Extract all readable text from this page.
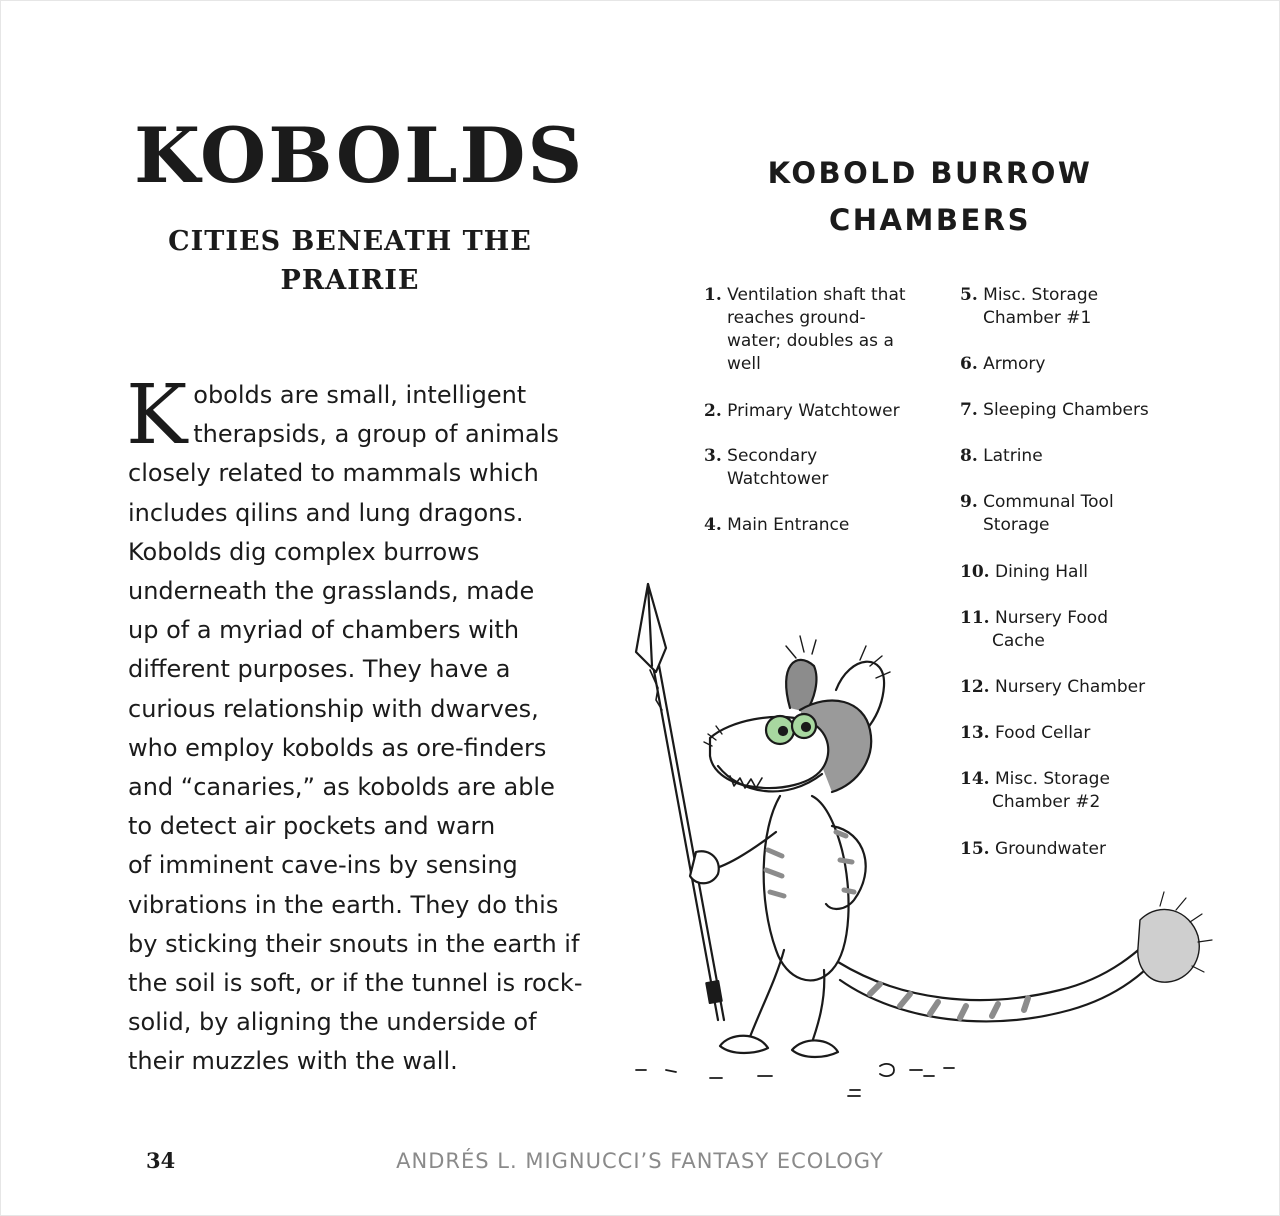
KOBOLDS
CITIES BENEATH THE
PRAIRIE
K obolds are small, intelligent
therapsids, a group of animals
closely related to mammals which
includes qilins and lung dragons.
Kobolds dig complex burrows
underneath the grasslands, made
up of a myriad of chambers with
different purposes. They have a
curious relationship with dwarves,
who employ kobolds as ore-finders
and “canaries,” as kobolds are able
to detect air pockets and warn
of imminent cave-ins by sensing
vibrations in the earth. They do this
by sticking their snouts in the earth if
the soil is soft, or if the tunnel is rock-
solid, by aligning the underside of
their muzzles with the wall.
KOBOLD BURROW
CHAMBERS
1. Ventilation shaft that
reaches ground-
water; doubles as a
well
2. Primary Watchtower
3. Secondary
Watchtower
4. Main Entrance
5. Misc. Storage
Chamber #1
6. Armory
7. Sleeping Chambers
8. Latrine
9. Communal Tool
Storage
10. Dining Hall
11. Nursery Food
Cache
12. Nursery Chamber
13. Food Cellar
14. Misc. Storage
Chamber #2
15. Groundwater
34	ANDRÉS L. MIGNUCCI’S FANTASY ECOLOGY
